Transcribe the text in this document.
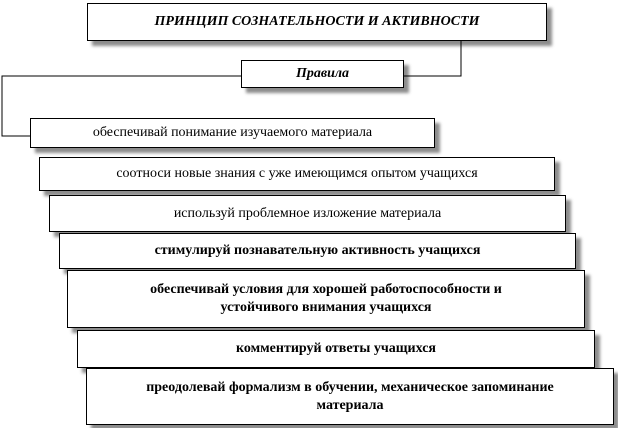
ПРИНЦИП СОЗНАТЕЛЬНОСТИ И АКТИВНОСТИ
Правила
обеспечивай понимание изучаемого материала
соотноси новые знания с уже имеющимся опытом учащихся
используй проблемное изложение материала
стимулируй познавательную активность учащихся
обеспечивай условия для хорошей работоспособности и устойчивого внимания учащихся
комментируй ответы учащихся
преодолевай формализм в обучении, механическое запоминание материала
